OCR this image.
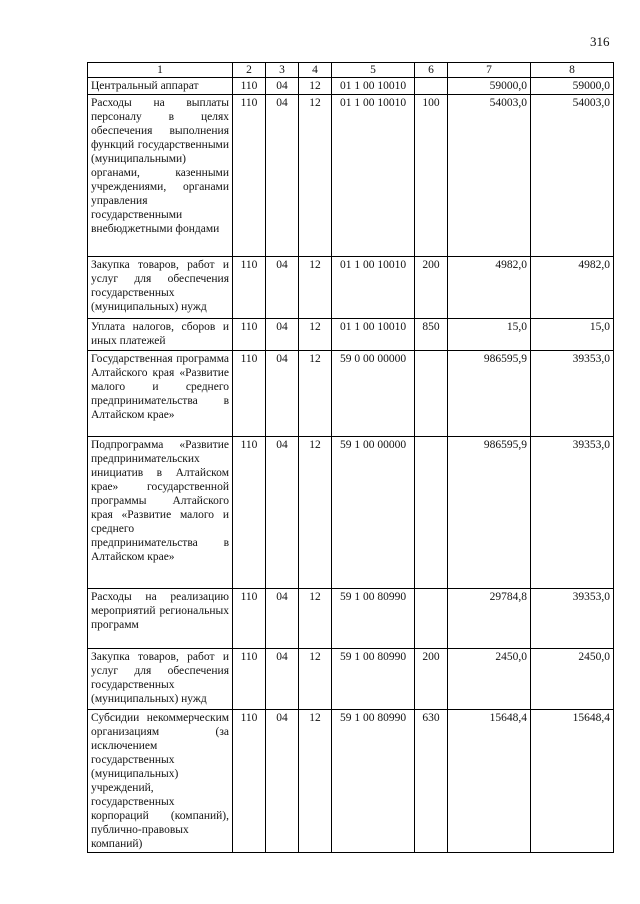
316
1	2	3	4	5	6	7	8
Центральный аппарат	110	04	12	01 1 00 10010		59000,0	59000,0
Расходы на выплаты персоналу в целях обеспечения выполнения функций государственными (муниципальными) органами, казенными учреждениями, органами управления государственными внебюджетными фондами	110	04	12	01 1 00 10010	100	54003,0	54003,0
Закупка товаров, работ и услуг для обеспечения государственных (муниципальных) нужд	110	04	12	01 1 00 10010	200	4982,0	4982,0
Уплата налогов, сборов и иных платежей	110	04	12	01 1 00 10010	850	15,0	15,0
Государственная программа Алтайского края «Развитие малого и среднего предпринимательства в Алтайском крае»	110	04	12	59 0 00 00000		986595,9	39353,0
Подпрограмма «Развитие предпринимательских инициатив в Алтайском крае» государственной программы Алтайского края «Развитие малого и среднего предпринимательства в Алтайском крае»	110	04	12	59 1 00 00000		986595,9	39353,0
Расходы на реализацию мероприятий региональных программ	110	04	12	59 1 00 80990		29784,8	39353,0
Закупка товаров, работ и услуг для обеспечения государственных (муниципальных) нужд	110	04	12	59 1 00 80990	200	2450,0	2450,0
Субсидии некоммерческим организациям (за исключением государственных (муниципальных) учреждений, государственных корпораций (компаний), публично-правовых компаний)	110	04	12	59 1 00 80990	630	15648,4	15648,4
